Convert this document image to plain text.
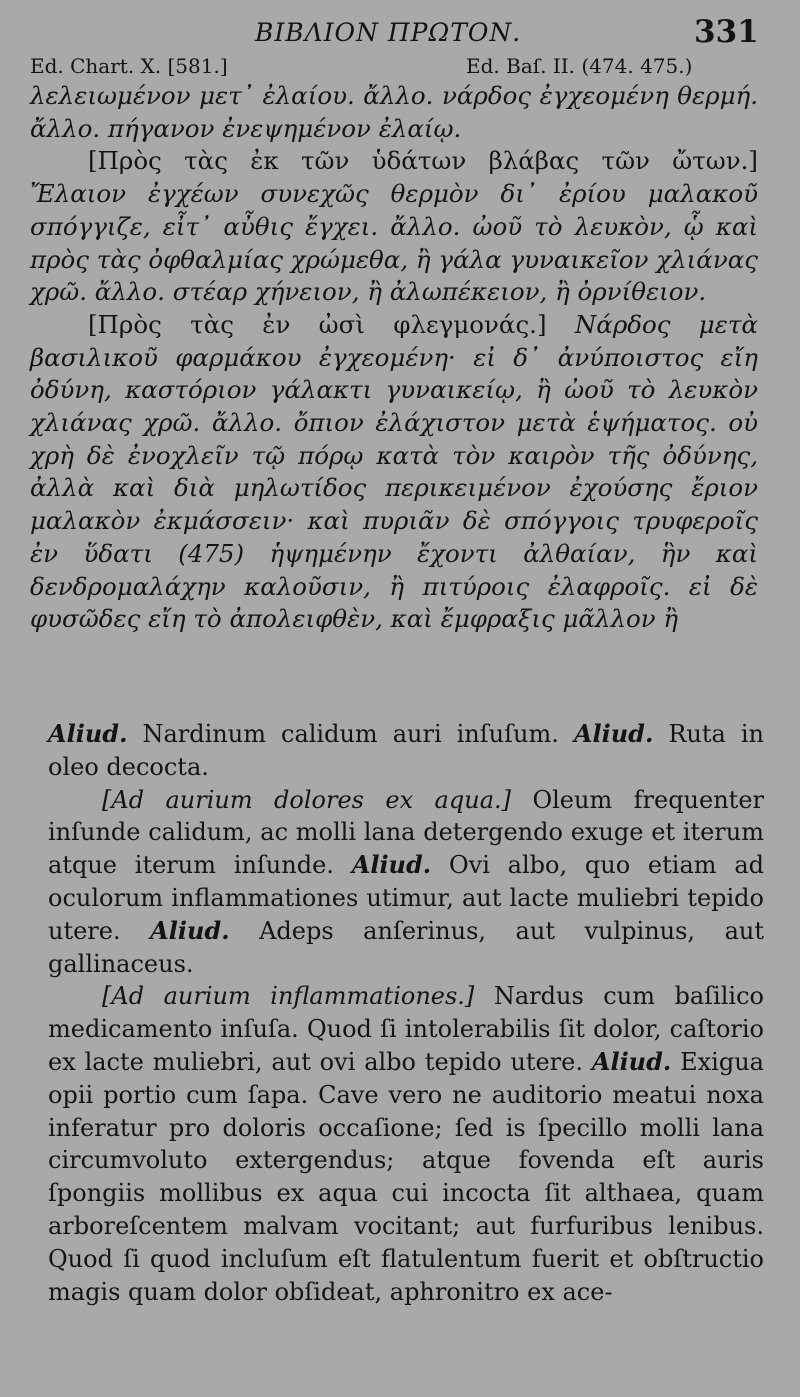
ΒΙΒΛΙΟΝ ΠΡΩΤΟΝ.	331
Ed. Chart. X. [581.]	Ed. Baſ. II. (474. 475.)

λελειωμένον μετ᾽ ἐλαίου. ἄλλο. νάρδος ἐγχεομένη θερμή. ἄλλο. πήγανον ἐνεψημένον ἐλαίῳ.

[Πρὸς τὰς ἐκ τῶν ὑδάτων βλάβας τῶν ὤτων.] Ἔλαιον ἐγχέων συνεχῶς θερμὸν δι᾽ ἐρίου μαλακοῦ σπόγγιζε, εἶτ᾽ αὖθις ἔγχει. ἄλλο. ὠοῦ τὸ λευκὸν, ᾧ καὶ πρὸς τὰς ὀφθαλμίας χρώμεθα, ἢ γάλα γυναικεῖον χλιάνας χρῶ. ἄλλο. στέαρ χήνειον, ἢ ἀλωπέκειον, ἢ ὀρνίθειον.

[Πρὸς τὰς ἐν ὠσὶ φλεγμονάς.] Νάρδος μετὰ βασιλικοῦ φαρμάκου ἐγχεομένη· εἰ δ᾽ ἀνύποιστος εἴη ὀδύνη, καστόριον γάλακτι γυναικείῳ, ἢ ὠοῦ τὸ λευκὸν χλιάνας χρῶ. ἄλλο. ὄπιον ἐλάχιστον μετὰ ἑψήματος. οὐ χρὴ δὲ ἐνοχλεῖν τῷ πόρῳ κατὰ τὸν καιρὸν τῆς ὀδύνης, ἀλλὰ καὶ διὰ μηλωτίδος περικειμένον ἐχούσης ἔριον μαλακὸν ἐκμάσσειν· καὶ πυριᾶν δὲ σπόγγοις τρυφεροῖς ἐν ὕδατι (475) ἡψημένην ἔχοντι ἀλθαίαν, ἣν καὶ δενδρομαλάχην καλοῦσιν, ἢ πιτύροις ἐλαφροῖς. εἰ δὲ φυσῶδες εἴη τὸ ἀπολειφθὲν, καὶ ἔμφραξις μᾶλλον ἢ

Aliud. Nardinum calidum auri inſuſum. Aliud. Ruta in oleo decocta.

[Ad aurium dolores ex aqua.] Oleum frequenter inſunde calidum, ac molli lana detergendo exuge et iterum atque iterum inſunde. Aliud. Ovi albo, quo etiam ad oculorum inflammationes utimur, aut lacte muliebri tepido utere. Aliud. Adeps anſerinus, aut vulpinus, aut gallinaceus.

[Ad aurium inflammationes.] Nardus cum baſilico medicamento inſuſa. Quod ſi intolerabilis ſit dolor, caſtorio ex lacte muliebri, aut ovi albo tepido utere. Aliud. Exigua opii portio cum ſapa. Cave vero ne auditorio meatui noxa inferatur pro doloris occaſione; ſed is ſpecillo molli lana circumvoluto extergendus; atque fovenda eſt auris ſpongiis mollibus ex aqua cui incocta ſit althaea, quam arboreſcentem malvam vocitant; aut furfuribus lenibus. Quod ſi quod incluſum eſt flatulentum fuerit et obſtructio magis quam dolor obſideat, aphronitro ex ace-
